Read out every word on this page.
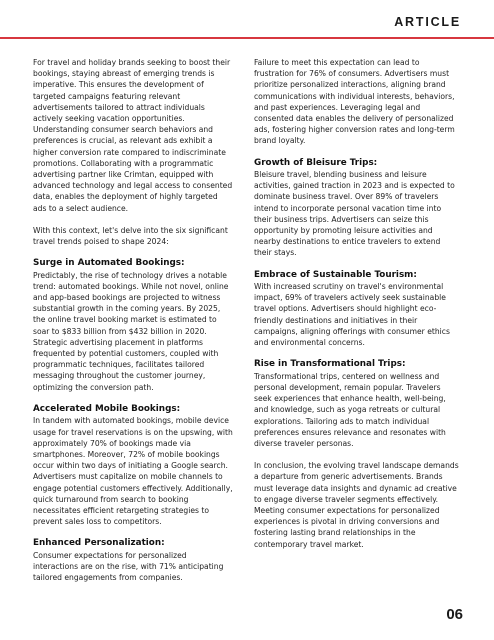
ARTICLE

For travel and holiday brands seeking to boost their bookings, staying abreast of emerging trends is imperative. This ensures the development of targeted campaigns featuring relevant advertisements tailored to attract individuals actively seeking vacation opportunities. Understanding consumer search behaviors and preferences is crucial, as relevant ads exhibit a higher conversion rate compared to indiscriminate promotions. Collaborating with a programmatic advertising partner like Crimtan, equipped with advanced technology and legal access to consented data, enables the deployment of highly targeted ads to a select audience.

With this context, let's delve into the six significant travel trends poised to shape 2024:

Surge in Automated Bookings:

Predictably, the rise of technology drives a notable trend: automated bookings. While not novel, online and app-based bookings are projected to witness substantial growth in the coming years. By 2025, the online travel booking market is estimated to soar to $833 billion from $432 billion in 2020. Strategic advertising placement in platforms frequented by potential customers, coupled with programmatic techniques, facilitates tailored messaging throughout the customer journey, optimizing the conversion path.

Accelerated Mobile Bookings:

In tandem with automated bookings, mobile device usage for travel reservations is on the upswing, with approximately 70% of bookings made via smartphones. Moreover, 72% of mobile bookings occur within two days of initiating a Google search. Advertisers must capitalize on mobile channels to engage potential customers effectively. Additionally, quick turnaround from search to booking necessitates efficient retargeting strategies to prevent sales loss to competitors.

Enhanced Personalization:

Consumer expectations for personalized interactions are on the rise, with 71% anticipating tailored engagements from companies.

Failure to meet this expectation can lead to frustration for 76% of consumers. Advertisers must prioritize personalized interactions, aligning brand communications with individual interests, behaviors, and past experiences. Leveraging legal and consented data enables the delivery of personalized ads, fostering higher conversion rates and long-term brand loyalty.

Growth of Bleisure Trips:

Bleisure travel, blending business and leisure activities, gained traction in 2023 and is expected to dominate business travel. Over 89% of travelers intend to incorporate personal vacation time into their business trips. Advertisers can seize this opportunity by promoting leisure activities and nearby destinations to entice travelers to extend their stays.

Embrace of Sustainable Tourism:

With increased scrutiny on travel's environmental impact, 69% of travelers actively seek sustainable travel options. Advertisers should highlight eco-friendly destinations and initiatives in their campaigns, aligning offerings with consumer ethics and environmental concerns.

Rise in Transformational Trips:

Transformational trips, centered on wellness and personal development, remain popular. Travelers seek experiences that enhance health, well-being, and knowledge, such as yoga retreats or cultural explorations. Tailoring ads to match individual preferences ensures relevance and resonates with diverse traveler personas.

In conclusion, the evolving travel landscape demands a departure from generic advertisements. Brands must leverage data insights and dynamic ad creative to engage diverse traveler segments effectively. Meeting consumer expectations for personalized experiences is pivotal in driving conversions and fostering lasting brand relationships in the contemporary travel market.

06
